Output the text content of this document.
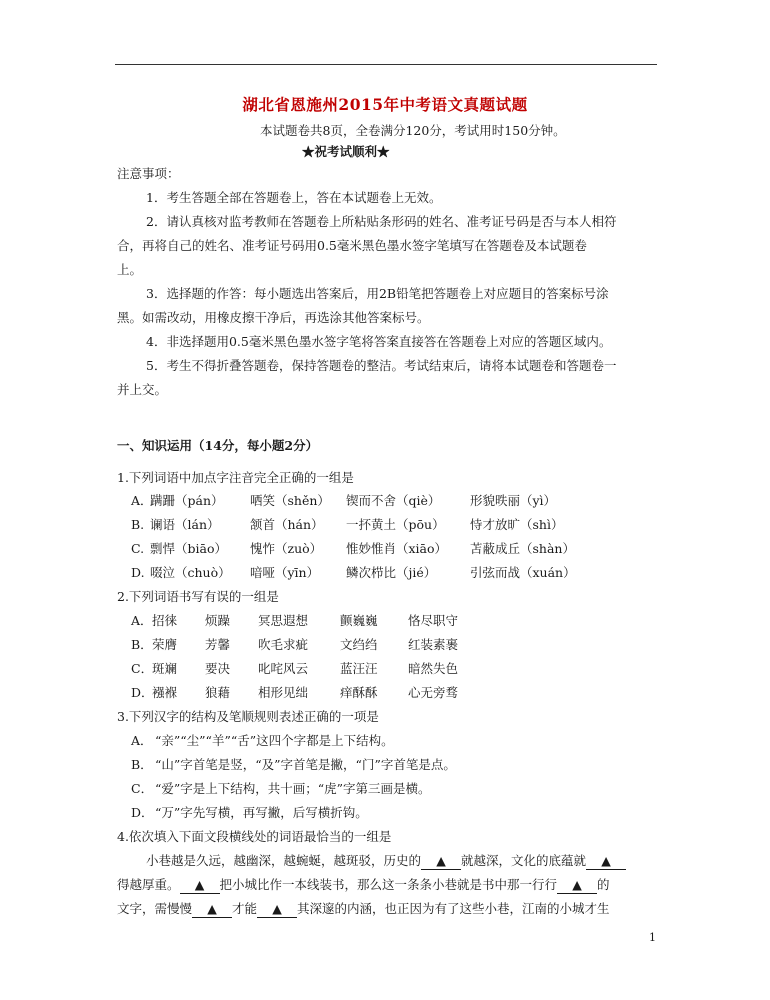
湖北省恩施州2015年中考语文真题试题
本试题卷共8页，全卷满分120分，考试用时150分钟。
★祝考试顺利★
注意事项：
1．考生答题全部在答题卷上，答在本试题卷上无效。
2．请认真核对监考教师在答题卷上所粘贴条形码的姓名、准考证号码是否与本人相符
合，再将自己的姓名、准考证号码用0.5毫米黑色墨水签字笔填写在答题卷及本试题卷
上。
3．选择题的作答：每小题选出答案后，用2B铅笔把答题卷上对应题目的答案标号涂
黑。如需改动，用橡皮擦干净后，再选涂其他答案标号。
4．非选择题用0.5毫米黑色墨水签字笔将答案直接答在答题卷上对应的答题区域内。
5．考生不得折叠答题卷，保持答题卷的整洁。考试结束后，请将本试题卷和答题卷一
并上交。
一、知识运用（14分，每小题2分）
1.下列词语中加点字注音完全正确的一组是
A．
蹒跚（pán） 哂笑（shěn） 锲而不舍（qiè） 形貌昳丽（yì）
B. 谰语（lán） 颔首（hán） 一抔黄土（pōu） 恃才放旷（shì）
C. 剽悍（biāo） 愧怍（zuò） 惟妙惟肖（xiāo） 苫蔽成丘（shàn）
D. 啜泣（chuò） 喑哑（yīn） 鳞次栉比（jié）	引弦而战（xuán）
2.下列词语书写有误的一组是
A． 招徕 烦躁 冥思遐想	颤巍巍 恪尽职守
B． 荣膺 芳馨 吹毛求疵	文绉绉 红装素裹
C．
斑斓 要决 叱咤风云	蓝汪汪 暗然失色
D．
襁褓 狼藉 相形见绌	痒酥酥 心无旁骛
3.下列汉字的结构及笔顺规则表述正确的一项是
A． “亲”“尘”“羊”“舌”这四个字都是上下结构。
B． “山”字首笔是竖，“及”字首笔是撇，“门”字首笔是点。
C． “爱”字是上下结构，共十画；“虎”字第三画是横。
D． “万”字先写横，再写撇，后写横折钩。
4.依次填入下面文段横线处的词语最恰当的一组是
小巷越是久远，越幽深，越蜿蜒，越斑驳，历史的 ▲ 就越深，文化的底蕴就 ▲
得越厚重。 ▲ 把小城比作一本线装书，那么这一条条小巷就是书中那一行行 ▲ 的
文字，需慢慢 ▲ 才能 ▲ 其深邃的内涵，也正因为有了这些小巷，江南的小城才生
1
